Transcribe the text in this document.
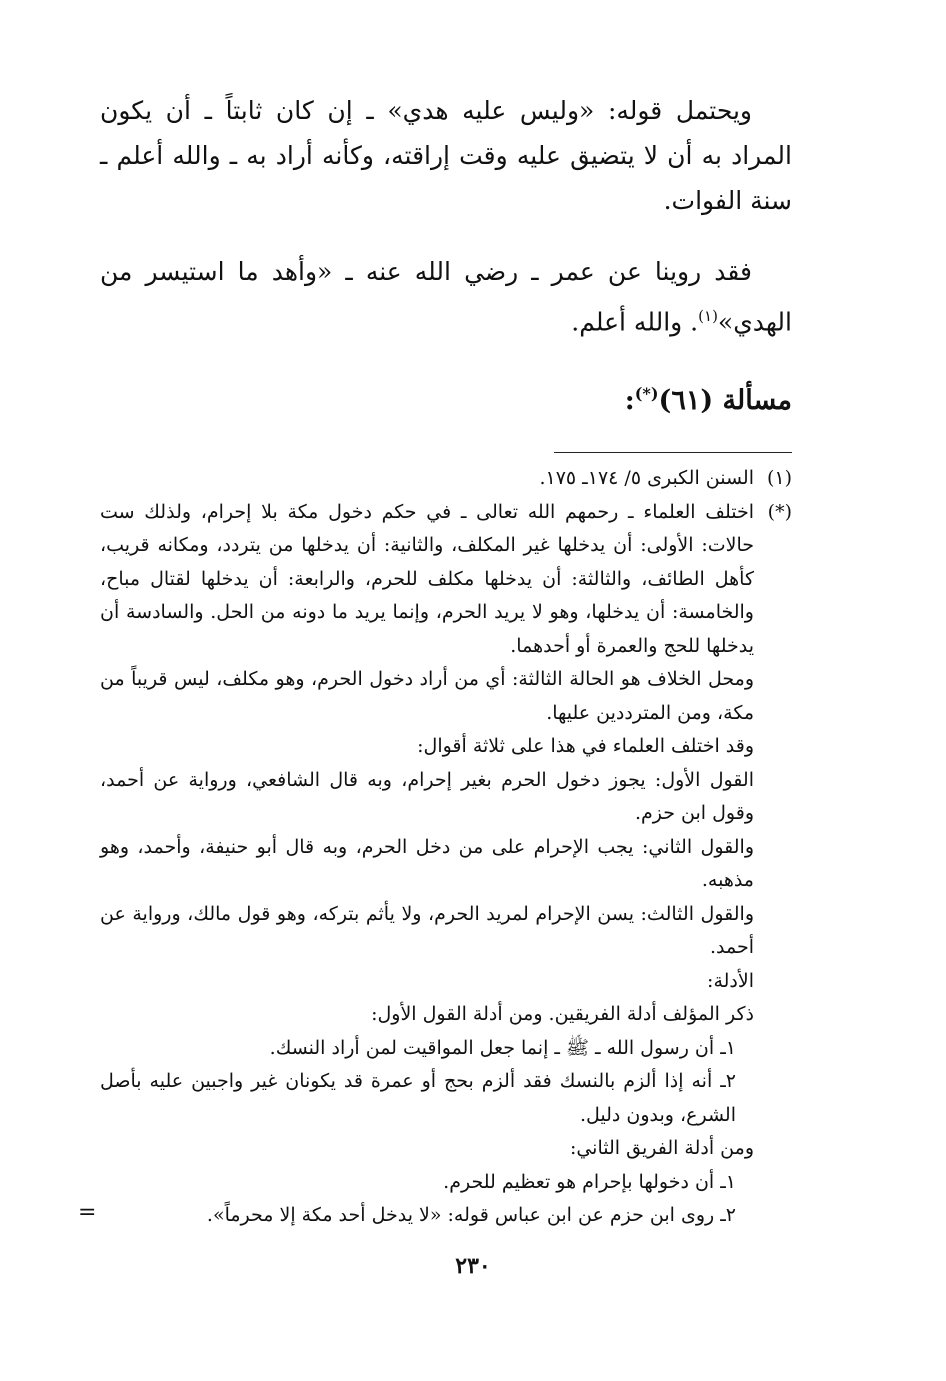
ويحتمل قوله: «وليس عليه هدي» ـ إن كان ثابتاً ـ أن يكون المراد به أن لا يتضيق عليه وقت إراقته، وكأنه أراد به ـ والله أعلم ـ سنة الفوات.

فقد روينا عن عمر ـ رضي الله عنه ـ «وأهد ما استيسر من الهدي»$^{(١)}$. والله أعلم.

مسألة (٦١)(*):
(١)

السنن الكبرى ٥/ ١٧٤ـ ١٧٥.

(*)

اختلف العلماء ـ رحمهم الله تعالى ـ في حكم دخول مكة بلا إحرام، ولذلك ست حالات: الأولى: أن يدخلها غير المكلف، والثانية: أن يدخلها من يتردد، ومكانه قريب، كأهل الطائف، والثالثة: أن يدخلها مكلف للحرم، والرابعة: أن يدخلها لقتال مباح، والخامسة: أن يدخلها، وهو لا يريد الحرم، وإنما يريد ما دونه من الحل. والسادسة أن يدخلها للحج والعمرة أو أحدهما.

ومحل الخلاف هو الحالة الثالثة: أي من أراد دخول الحرم، وهو مكلف، ليس قريباً من مكة، ومن المترددين عليها.

وقد اختلف العلماء في هذا على ثلاثة أقوال:

القول الأول: يجوز دخول الحرم بغير إحرام، وبه قال الشافعي، ورواية عن أحمد، وقول ابن حزم.

والقول الثاني: يجب الإحرام على من دخل الحرم، وبه قال أبو حنيفة، وأحمد، وهو مذهبه.

والقول الثالث: يسن الإحرام لمريد الحرم، ولا يأثم بتركه، وهو قول مالك، ورواية عن أحمد.

الأدلة:

ذكر المؤلف أدلة الفريقين. ومن أدلة القول الأول:

١ـ أن رسول الله ـ ﷺ ـ إنما جعل المواقيت لمن أراد النسك.

٢ـ أنه إذا ألزم بالنسك فقد ألزم بحج أو عمرة قد يكونان غير واجبين عليه بأصل الشرع، وبدون دليل.

ومن أدلة الفريق الثاني:

١ـ أن دخولها بإحرام هو تعظيم للحرم.

٢ـ روى ابن حزم عن ابن عباس قوله: «لا يدخل أحد مكة إلا محرماً».

=
٢٣٠
